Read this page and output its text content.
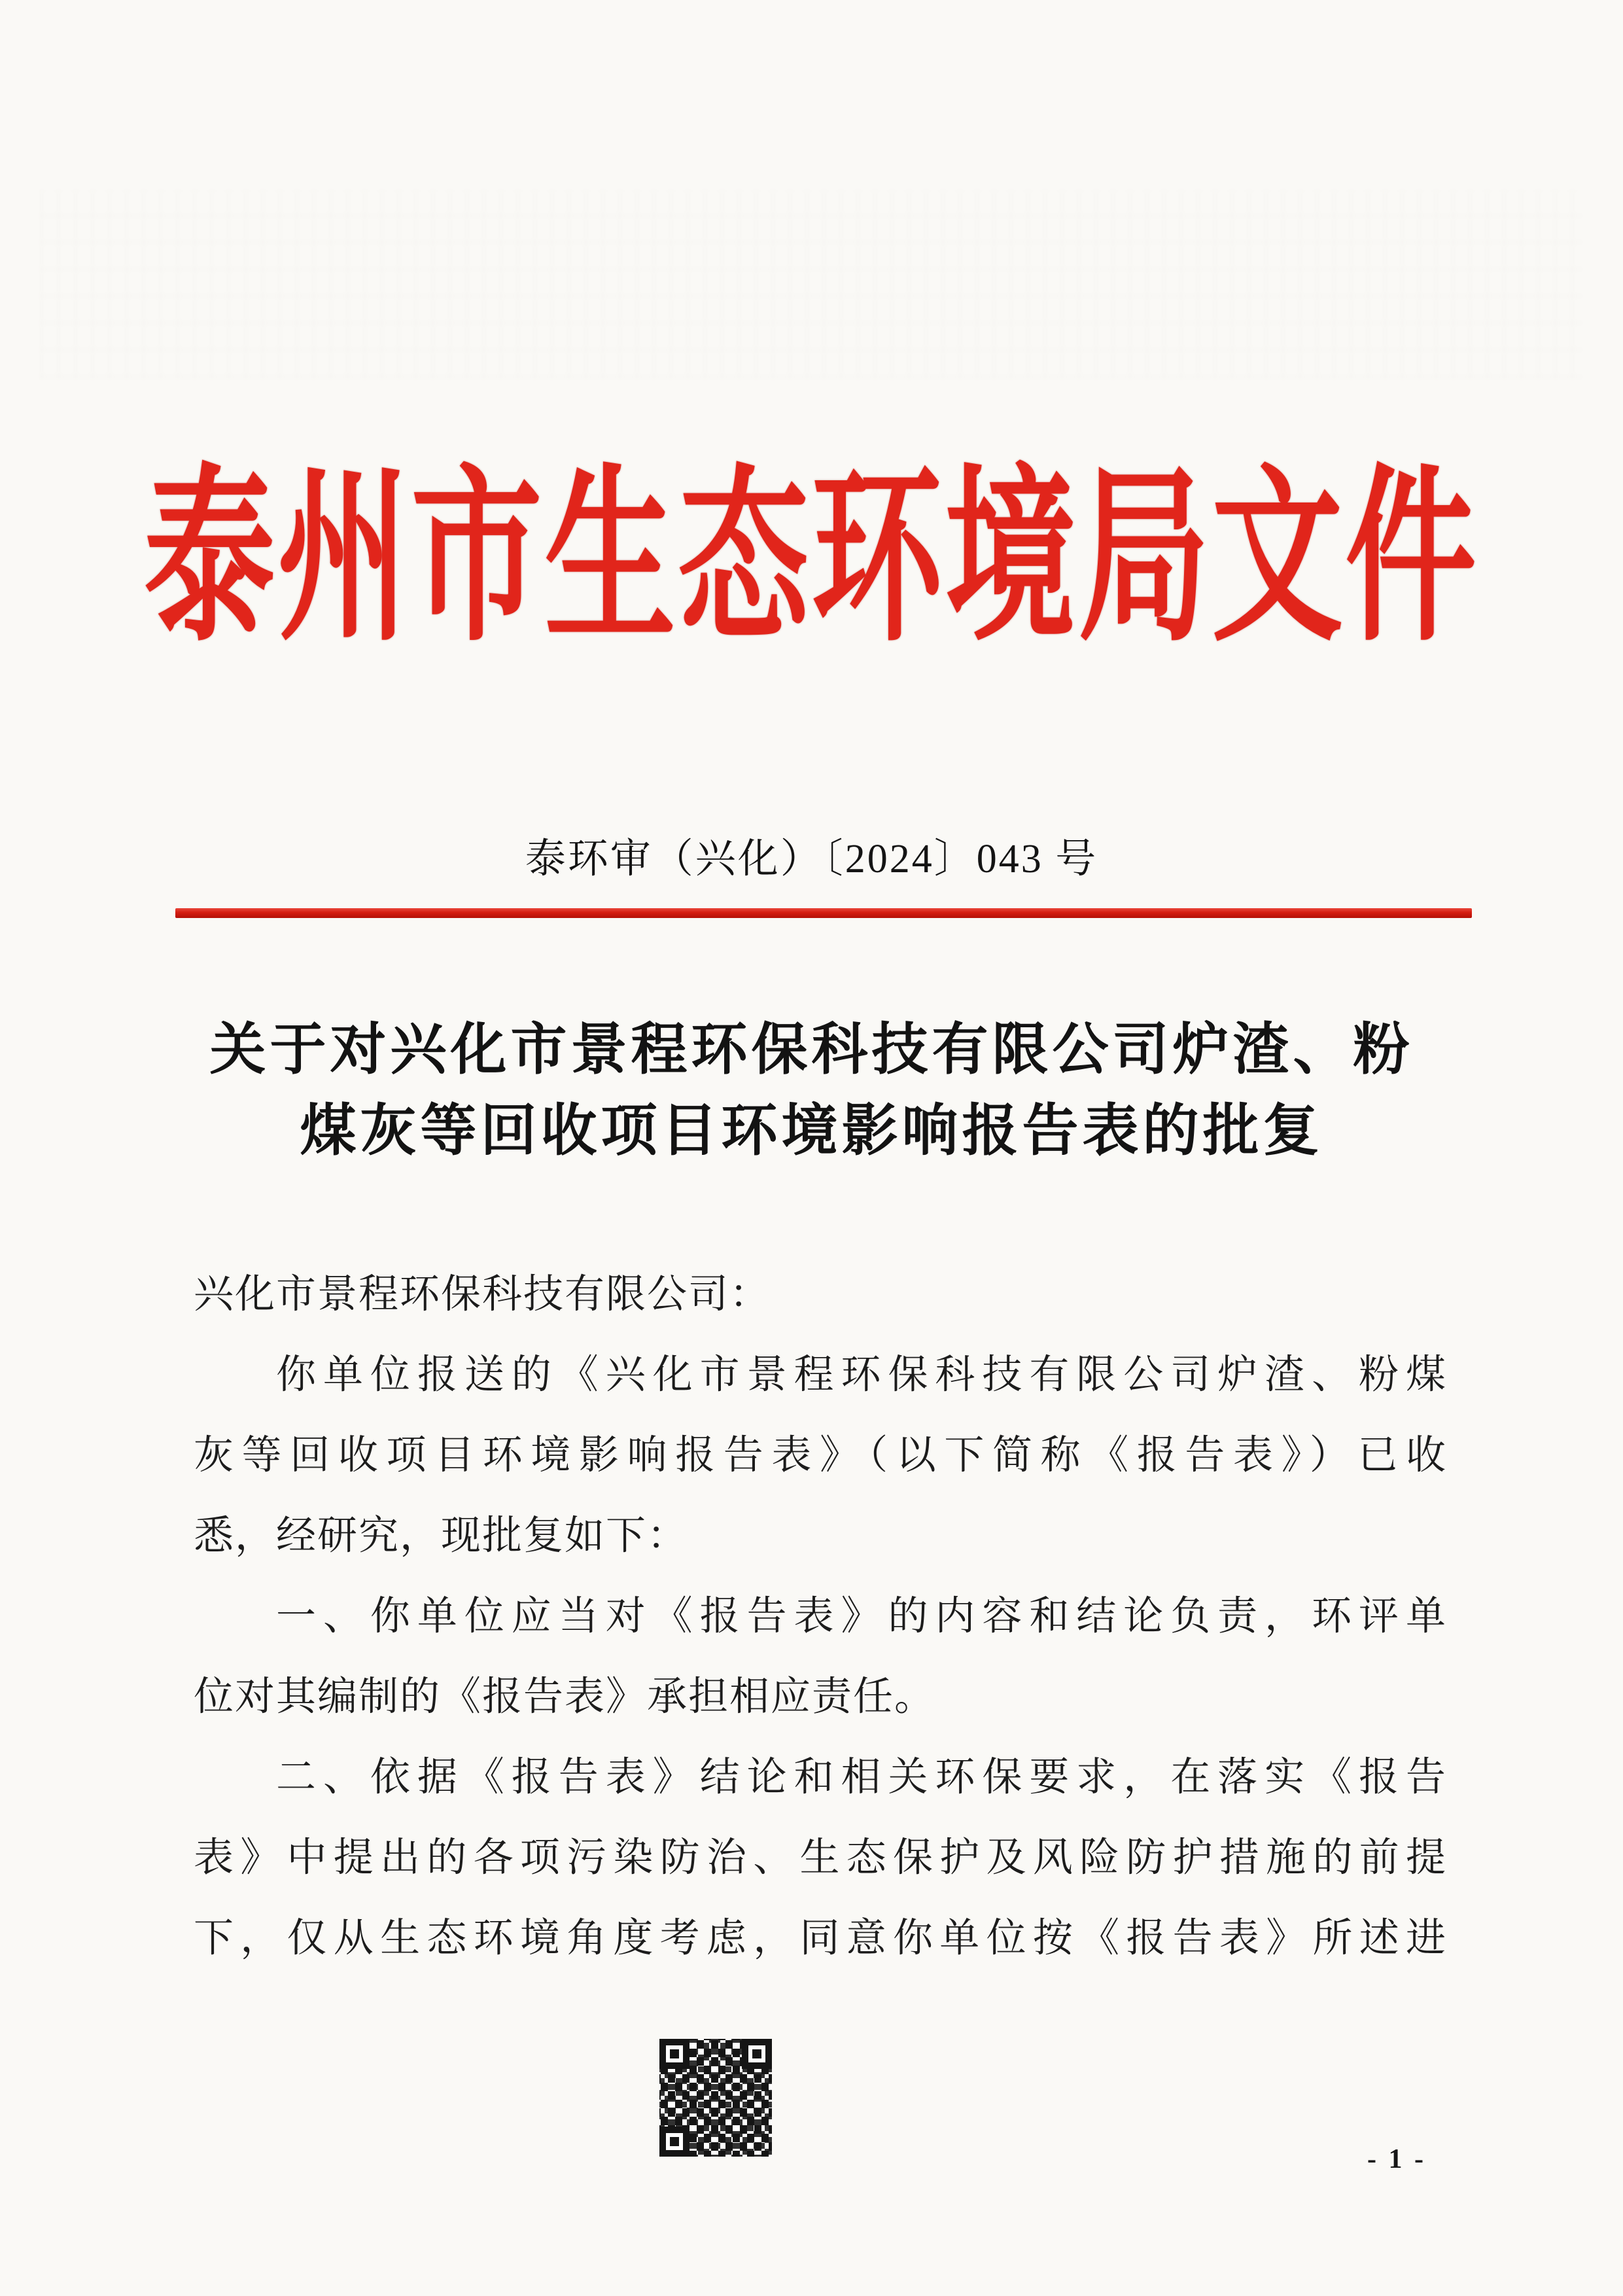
泰州市生态环境局文件
泰环审（兴化）〔2024〕043 号
关于对兴化市景程环保科技有限公司炉渣、粉
煤灰等回收项目环境影响报告表的批复
兴化市景程环保科技有限公司：
你单位报送的《兴化市景程环保科技有限公司炉渣、粉煤
灰等回收项目环境影响报告表》（以下简称《报告表》）已收
悉，经研究，现批复如下：
一、你单位应当对《报告表》的内容和结论负责，环评单
位对其编制的《报告表》承担相应责任。
二、依据《报告表》结论和相关环保要求，在落实《报告
表》中提出的各项污染防治、生态保护及风险防护措施的前提
下，仅从生态环境角度考虑，同意你单位按《报告表》所述进
- 1 -
